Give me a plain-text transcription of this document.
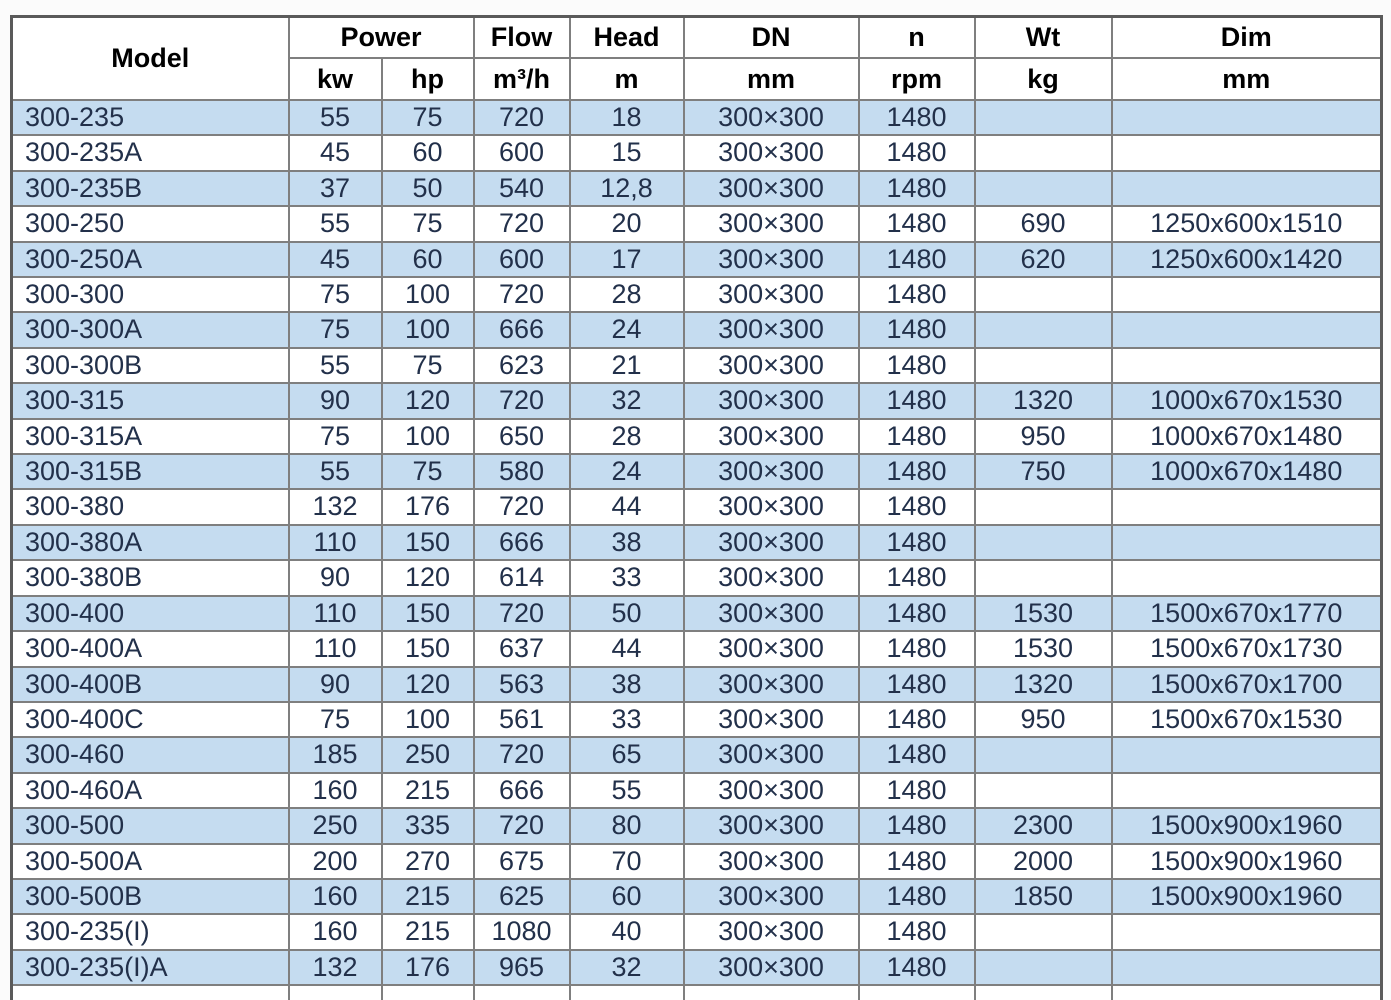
Model	Power		Flow	Head	DN	n	Wt	Dim
	kw	hp	m³/h	m	mm	rpm	kg	mm
300-235	55	75	720	18	300×300	1480		
300-235A	45	60	600	15	300×300	1480		
300-235B	37	50	540	12,8	300×300	1480		
300-250	55	75	720	20	300×300	1480	690	1250x600x1510
300-250A	45	60	600	17	300×300	1480	620	1250x600x1420
300-300	75	100	720	28	300×300	1480		
300-300A	75	100	666	24	300×300	1480		
300-300B	55	75	623	21	300×300	1480		
300-315	90	120	720	32	300×300	1480	1320	1000x670x1530
300-315A	75	100	650	28	300×300	1480	950	1000x670x1480
300-315B	55	75	580	24	300×300	1480	750	1000x670x1480
300-380	132	176	720	44	300×300	1480		
300-380A	110	150	666	38	300×300	1480		
300-380B	90	120	614	33	300×300	1480		
300-400	110	150	720	50	300×300	1480	1530	1500x670x1770
300-400A	110	150	637	44	300×300	1480	1530	1500x670x1730
300-400B	90	120	563	38	300×300	1480	1320	1500x670x1700
300-400C	75	100	561	33	300×300	1480	950	1500x670x1530
300-460	185	250	720	65	300×300	1480		
300-460A	160	215	666	55	300×300	1480		
300-500	250	335	720	80	300×300	1480	2300	1500x900x1960
300-500A	200	270	675	70	300×300	1480	2000	1500x900x1960
300-500B	160	215	625	60	300×300	1480	1850	1500x900x1960
300-235(I)	160	215	1080	40	300×300	1480		
300-235(I)A	132	176	965	32	300×300	1480		
